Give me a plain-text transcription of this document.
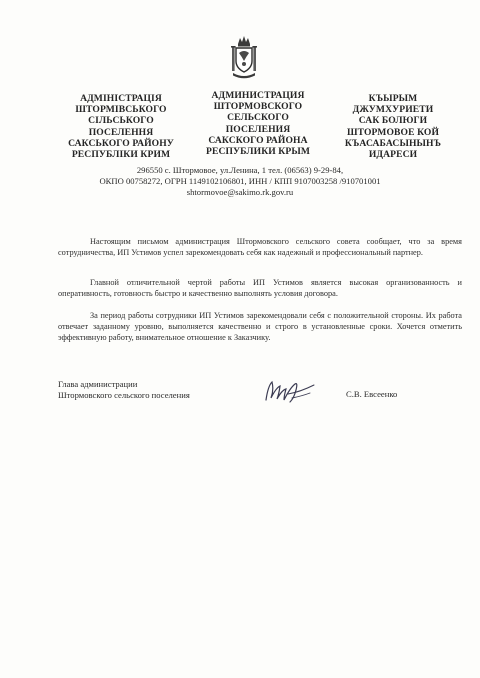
АДМІНІСТРАЦІЯ
ШТОРМІВСЬКОГО
СІЛЬСЬКОГО
ПОСЕЛЕННЯ
САКСЬКОГО РАЙОНУ
РЕСПУБЛІКИ КРИМ
АДМИНИСТРАЦИЯ
ШТОРМОВСКОГО
СЕЛЬСКОГО
ПОСЕЛЕНИЯ
САКСКОГО РАЙОНА
РЕСПУБЛИКИ КРЫМ
КЪЫРЫМ
ДЖУМХУРИЕТИ
САК БОЛЮГИ
ШТОРМОВОЕ КОЙ
КЪАСАБАСЫНЫНЪ
ИДАРЕСИ
296550 с. Штормовое, ул.Ленина, 1 тел. (06563) 9-29-84,
ОКПО 00758272, ОГРН 1149102106801, ИНН / КПП 9107003258 /910701001
shtormovoe@sakimo.rk.gov.ru
Настоящим письмом администрация Штормовского сельского совета сообщает, что за время сотрудничества, ИП Устимов успел зарекомендовать себя как надежный и профессиональный партнер.
Главной отличительной чертой работы ИП Устимов является высокая организованность и оперативность, готовность быстро и качественно выполнять условия договора.
За период работы сотрудники ИП Устимов зарекомендовали себя с положительной стороны. Их работа отвечает заданному уровню, выполняется качественно и строго в установленные сроки. Хочется отметить эффективную работу, внимательное отношение к Заказчику.
Глава администрации
Штормовского сельского поселения	С.В. Евсеенко
